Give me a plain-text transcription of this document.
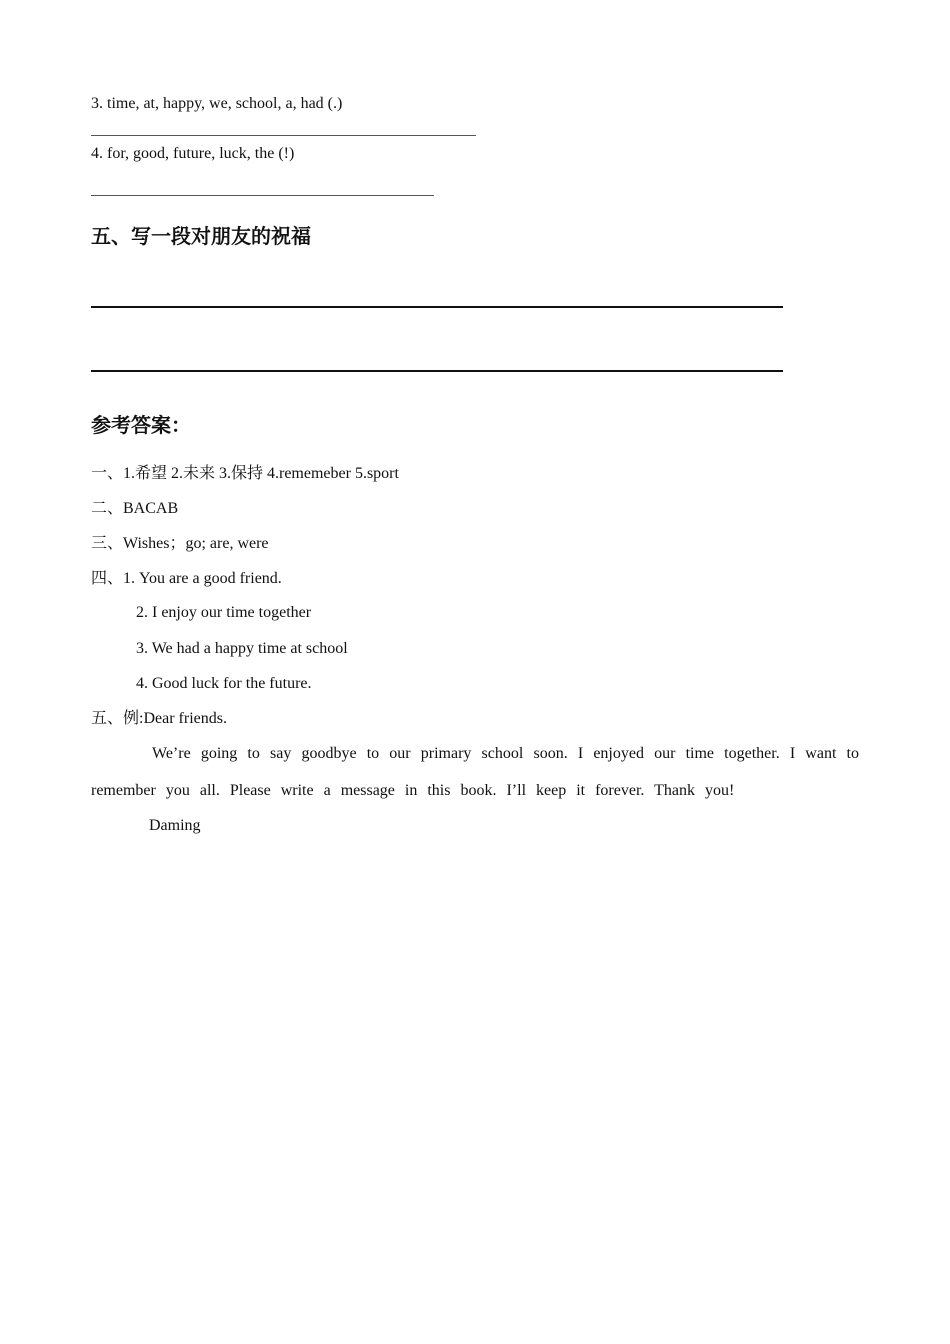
3. time, at, happy, we, school, a, had (.)
4. for, good, future, luck, the (!)
五、写一段对朋友的祝福
参考答案：
一、1.希望 2.未来 3.保持 4.rememeber 5.sport
二、BACAB
三、Wishes；go; are, were
四、1. You are a good friend.
2. I enjoy our time together
3. We had a happy time at school
4. Good luck for the future.
五、例:Dear friends.
We’re going to say goodbye to our primary school soon. I enjoyed our time together. I want to remember you all. Please write a message in this book. I’ll keep it forever. Thank you!
Daming
